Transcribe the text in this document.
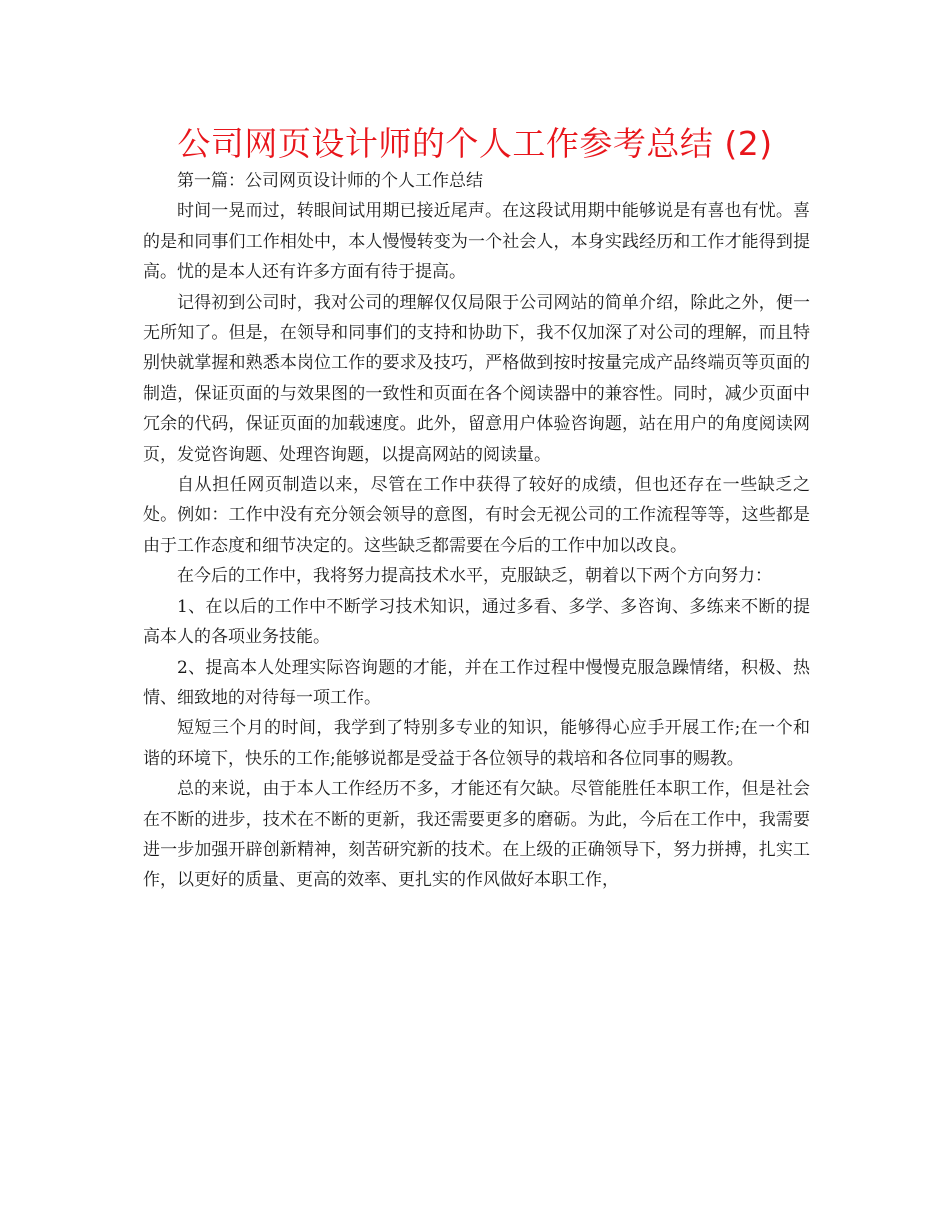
公司网页设计师的个人工作参考总结 (2)

第一篇：公司网页设计师的个人工作总结

时间一晃而过，转眼间试用期已接近尾声。在这段试用期中能够说是有喜也有忧。喜的是和同事们工作相处中，本人慢慢转变为一个社会人，本身实践经历和工作才能得到提高。忧的是本人还有许多方面有待于提高。

记得初到公司时，我对公司的理解仅仅局限于公司网站的简单介绍，除此之外，便一无所知了。但是，在领导和同事们的支持和协助下，我不仅加深了对公司的理解，而且特别快就掌握和熟悉本岗位工作的要求及技巧，严格做到按时按量完成产品终端页等页面的制造，保证页面的与效果图的一致性和页面在各个阅读器中的兼容性。同时，减少页面中冗余的代码，保证页面的加载速度。此外，留意用户体验咨询题，站在用户的角度阅读网页，发觉咨询题、处理咨询题，以提高网站的阅读量。

自从担任网页制造以来，尽管在工作中获得了较好的成绩，但也还存在一些缺乏之处。例如：工作中没有充分领会领导的意图，有时会无视公司的工作流程等等，这些都是由于工作态度和细节决定的。这些缺乏都需要在今后的工作中加以改良。

在今后的工作中，我将努力提高技术水平，克服缺乏，朝着以下两个方向努力：

1、在以后的工作中不断学习技术知识，通过多看、多学、多咨询、多练来不断的提高本人的各项业务技能。

2、提高本人处理实际咨询题的才能，并在工作过程中慢慢克服急躁情绪，积极、热情、细致地的对待每一项工作。

短短三个月的时间，我学到了特别多专业的知识，能够得心应手开展工作;在一个和谐的环境下，快乐的工作;能够说都是受益于各位领导的栽培和各位同事的赐教。

总的来说，由于本人工作经历不多，才能还有欠缺。尽管能胜任本职工作，但是社会在不断的进步，技术在不断的更新，我还需要更多的磨砺。为此，今后在工作中，我需要进一步加强开辟创新精神，刻苦研究新的技术。在上级的正确领导下，努力拼搏，扎实工作，以更好的质量、更高的效率、更扎实的作风做好本职工作，
